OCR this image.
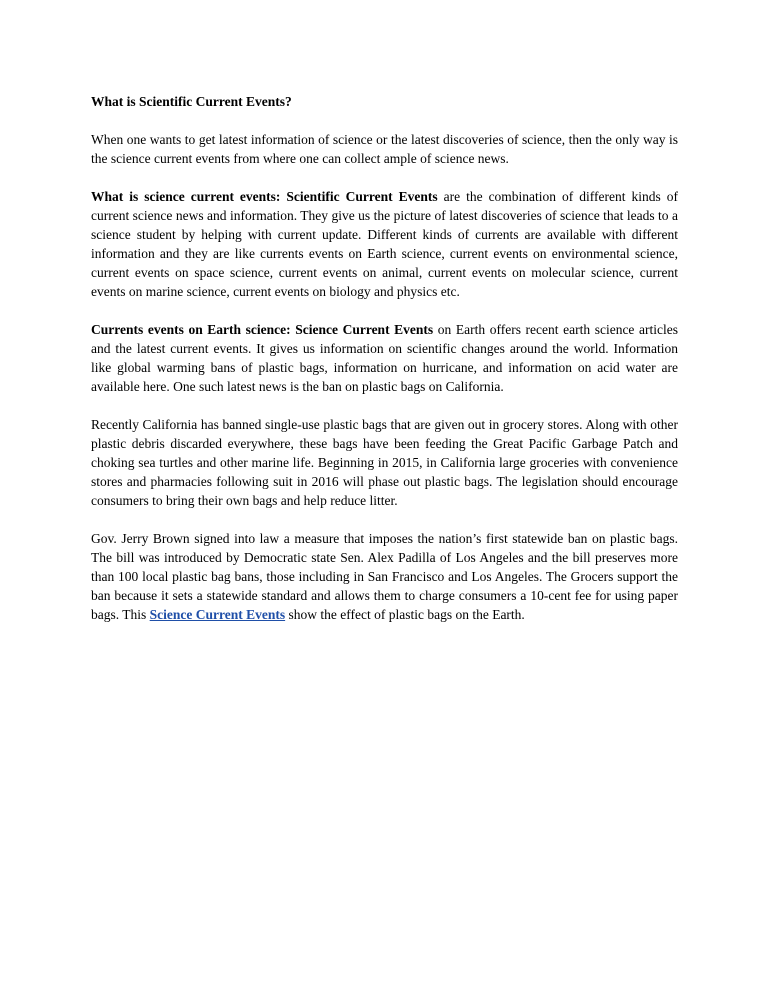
What is Scientific Current Events?

When one wants to get latest information of science or the latest discoveries of science, then the only way is the science current events from where one can collect ample of science news.

What is science current events: Scientific Current Events are the combination of different kinds of current science news and information. They give us the picture of latest discoveries of science that leads to a science student by helping with current update. Different kinds of currents are available with different information and they are like currents events on Earth science, current events on environmental science, current events on space science, current events on animal, current events on molecular science, current events on marine science, current events on biology and physics etc.

Currents events on Earth science: Science Current Events on Earth offers recent earth science articles and the latest current events. It gives us information on scientific changes around the world. Information like global warming bans of plastic bags, information on hurricane, and information on acid water are available here. One such latest news is the ban on plastic bags on California.

Recently California has banned single-use plastic bags that are given out in grocery stores. Along with other plastic debris discarded everywhere, these bags have been feeding the Great Pacific Garbage Patch and choking sea turtles and other marine life. Beginning in 2015, in California large groceries with convenience stores and pharmacies following suit in 2016 will phase out plastic bags. The legislation should encourage consumers to bring their own bags and help reduce litter.

Gov. Jerry Brown signed into law a measure that imposes the nation’s first statewide ban on plastic bags. The bill was introduced by Democratic state Sen. Alex Padilla of Los Angeles and the bill preserves more than 100 local plastic bag bans, those including in San Francisco and Los Angeles. The Grocers support the ban because it sets a statewide standard and allows them to charge consumers a 10-cent fee for using paper bags. This Science Current Events show the effect of plastic bags on the Earth.
